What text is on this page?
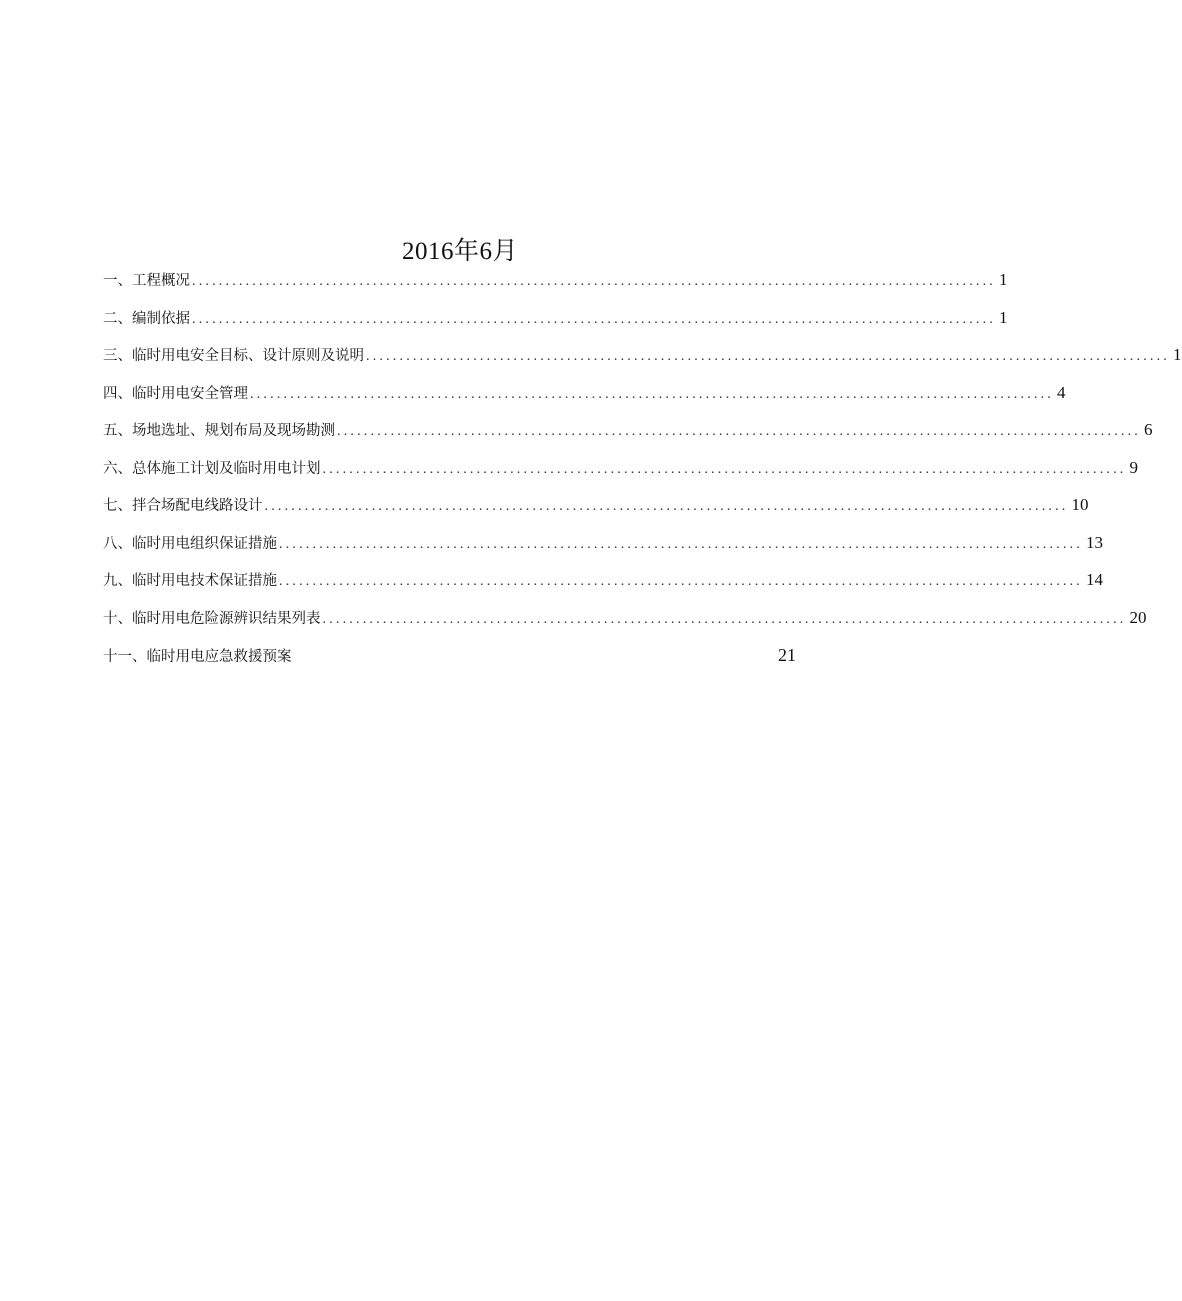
2016年6月
一、工程概况 ........................................................................................................................ 1
二、编制依据 ........................................................................................................................ 1
三、临时用电安全目标、设计原则及说明 ........................................................................................................................ 1
四、临时用电安全管理 ........................................................................................................................ 4
五、场地选址、规划布局及现场勘测 ........................................................................................................................ 6
六、总体施工计划及临时用电计划 ........................................................................................................................ 9
七、拌合场配电线路设计 ........................................................................................................................ 10
八、临时用电组织保证措施 ........................................................................................................................ 13
九、临时用电技术保证措施 ........................................................................................................................ 14
十、临时用电危险源辨识结果列表 ........................................................................................................................ 20
十一、临时用电应急救援预案	21
